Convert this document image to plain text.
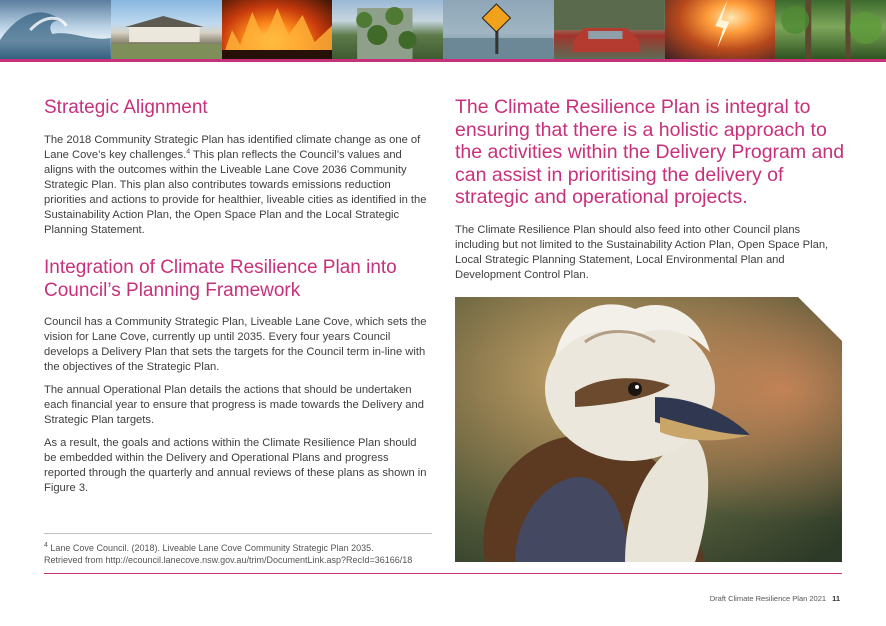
Strategic Alignment

The 2018 Community Strategic Plan has identified climate change as one of Lane Cove’s key challenges.$^4$ This plan reflects the Council’s values and aligns with the outcomes within the Liveable Lane Cove 2036 Community Strategic Plan. This plan also contributes towards emissions reduction priorities and actions to provide for healthier, liveable cities as identified in the Sustainability Action Plan, the Open Space Plan and the Local Strategic Planning Statement.

Integration of Climate Resilience Plan into Council’s Planning Framework

Council has a Community Strategic Plan, Liveable Lane Cove, which sets the vision for Lane Cove, currently up until 2035. Every four years Council develops a Delivery Plan that sets the targets for the Council term in-line with the objectives of the Strategic Plan.

The annual Operational Plan details the actions that should be undertaken each financial year to ensure that progress is made towards the Delivery and Strategic Plan targets.

As a result, the goals and actions within the Climate Resilience Plan should be embedded within the Delivery and Operational Plans and progress reported through the quarterly and annual reviews of these plans as shown in Figure 3.

The Climate Resilience Plan is integral to ensuring that there is a holistic approach to the activities within the Delivery Program and can assist in prioritising the delivery of strategic and operational projects.

The Climate Resilience Plan should also feed into other Council plans including but not limited to the Sustainability Action Plan, Open Space Plan, Local Strategic Planning Statement, Local Environmental Plan and Development Control Plan.

$^4$ Lane Cove Council. (2018). Liveable Lane Cove Community Strategic Plan 2035.
Retrieved from http://ecouncil.lanecove.nsw.gov.au/trim/DocumentLink.asp?RecId=36166/18
Draft Climate Resilience Plan 2021 11
